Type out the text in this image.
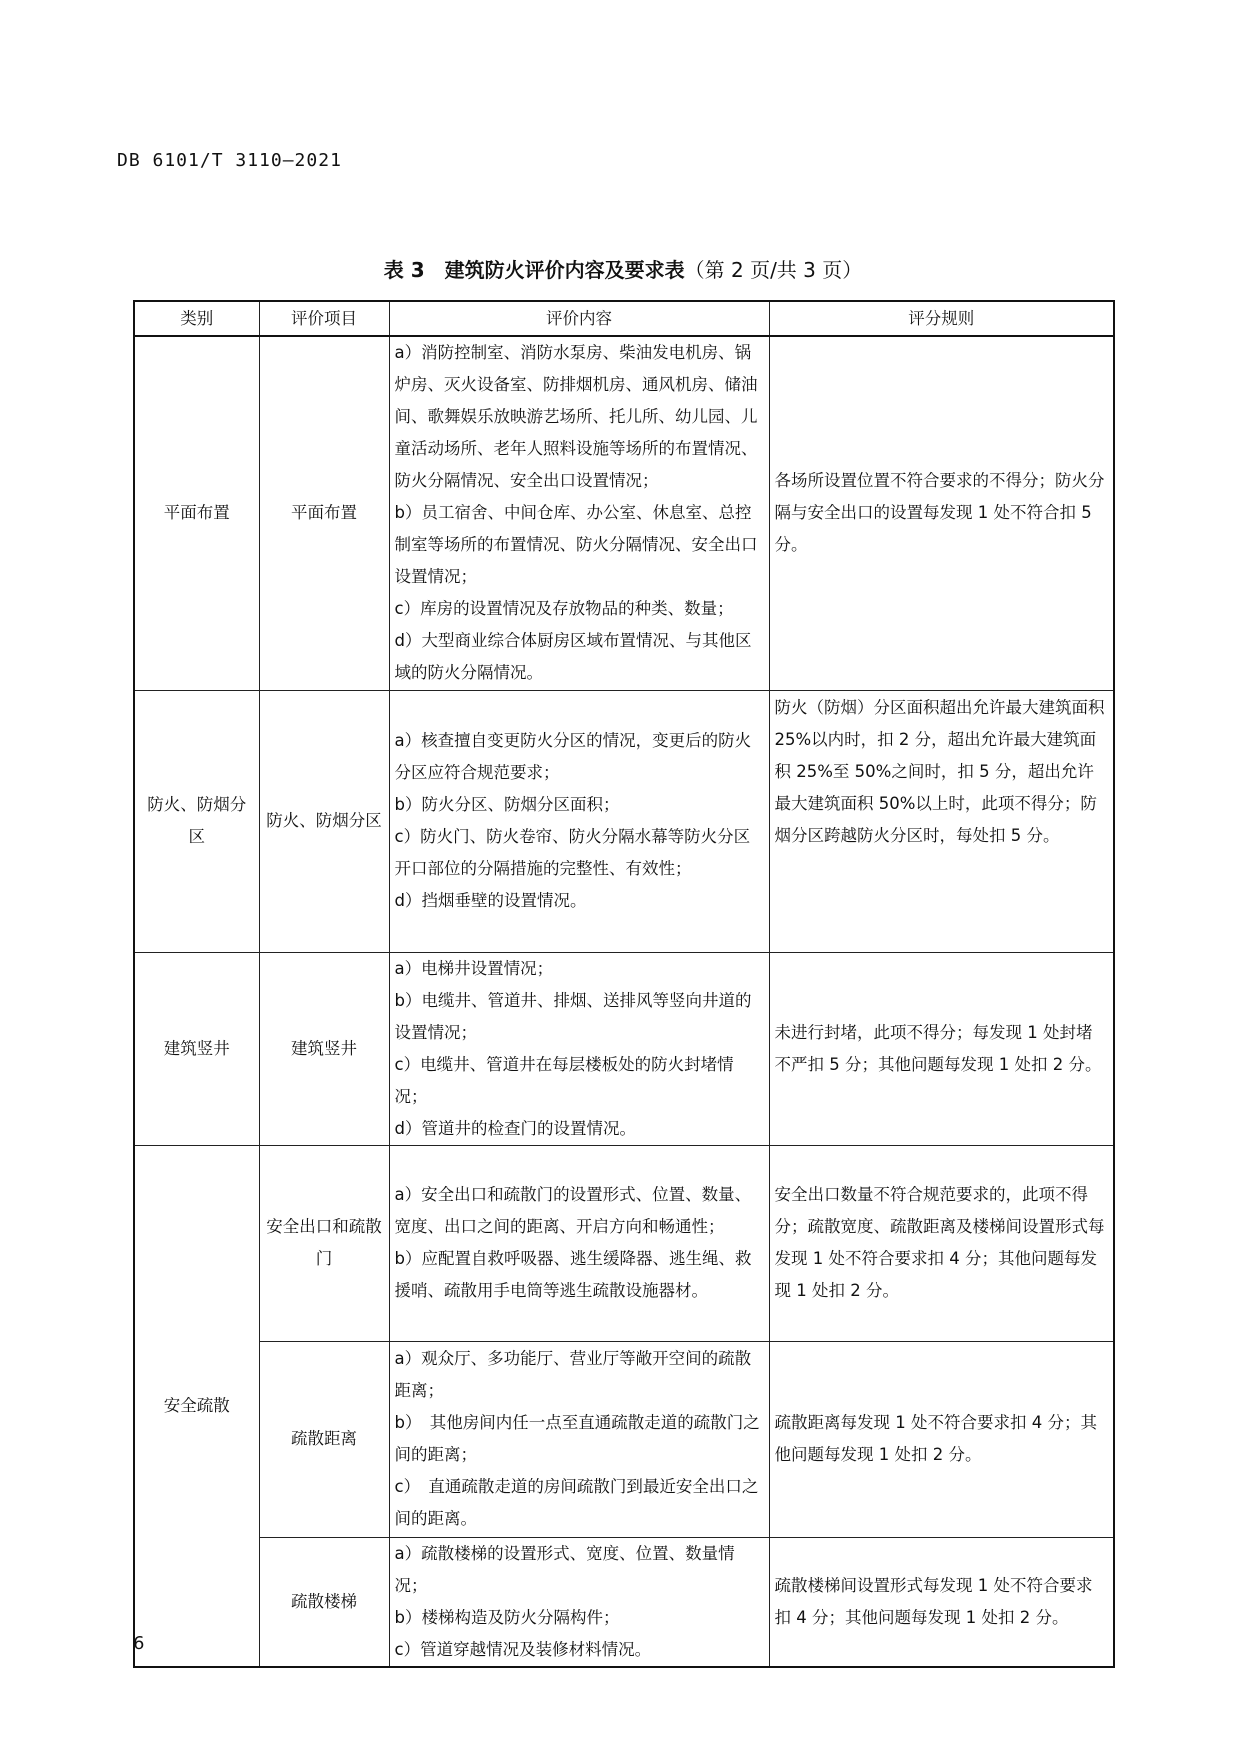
DB 6101/T 3110—2021
表 3　建筑防火评价内容及要求表（第 2 页/共 3 页）
类别	评价项目	评价内容	评分规则
平面布置	平面布置	a）消防控制室、消防水泵房、柴油发电机房、锅炉房、灭火设备室、防排烟机房、通风机房、储油间、歌舞娱乐放映游艺场所、托儿所、幼儿园、儿童活动场所、老年人照料设施等场所的布置情况、防火分隔情况、安全出口设置情况；
b）员工宿舍、中间仓库、办公室、休息室、总控制室等场所的布置情况、防火分隔情况、安全出口设置情况；
c）库房的设置情况及存放物品的种类、数量；
d）大型商业综合体厨房区域布置情况、与其他区域的防火分隔情况。	各场所设置位置不符合要求的不得分；防火分隔与安全出口的设置每发现 1 处不符合扣 5 分。
防火、防烟分区	防火、防烟分区	a）核查擅自变更防火分区的情况，变更后的防火分区应符合规范要求；
b）防火分区、防烟分区面积；
c）防火门、防火卷帘、防火分隔水幕等防火分区开口部位的分隔措施的完整性、有效性；
d）挡烟垂壁的设置情况。	防火（防烟）分区面积超出允许最大建筑面积 25%以内时，扣 2 分，超出允许最大建筑面积 25%至 50%之间时，扣 5 分，超出允许最大建筑面积 50%以上时，此项不得分；防烟分区跨越防火分区时，每处扣 5 分。
建筑竖井	建筑竖井	a）电梯井设置情况；
b）电缆井、管道井、排烟、送排风等竖向井道的设置情况；
c）电缆井、管道井在每层楼板处的防火封堵情况；
d）管道井的检查门的设置情况。	未进行封堵，此项不得分；每发现 1 处封堵不严扣 5 分；其他问题每发现 1 处扣 2 分。
安全疏散	安全出口和疏散门	a）安全出口和疏散门的设置形式、位置、数量、宽度、出口之间的距离、开启方向和畅通性；
b）应配置自救呼吸器、逃生缓降器、逃生绳、救援哨、疏散用手电筒等逃生疏散设施器材。	安全出口数量不符合规范要求的，此项不得分；疏散宽度、疏散距离及楼梯间设置形式每发现 1 处不符合要求扣 4 分；其他问题每发现 1 处扣 2 分。
	疏散距离	a）观众厅、多功能厅、营业厅等敞开空间的疏散距离；
b）　其他房间内任一点至直通疏散走道的疏散门之间的距离；
c）　直通疏散走道的房间疏散门到最近安全出口之间的距离。	疏散距离每发现 1 处不符合要求扣 4 分；其他问题每发现 1 处扣 2 分。
	疏散楼梯	a）疏散楼梯的设置形式、宽度、位置、数量情况；
b）楼梯构造及防火分隔构件；
c）管道穿越情况及装修材料情况。	疏散楼梯间设置形式每发现 1 处不符合要求扣 4 分；其他问题每发现 1 处扣 2 分。
6
